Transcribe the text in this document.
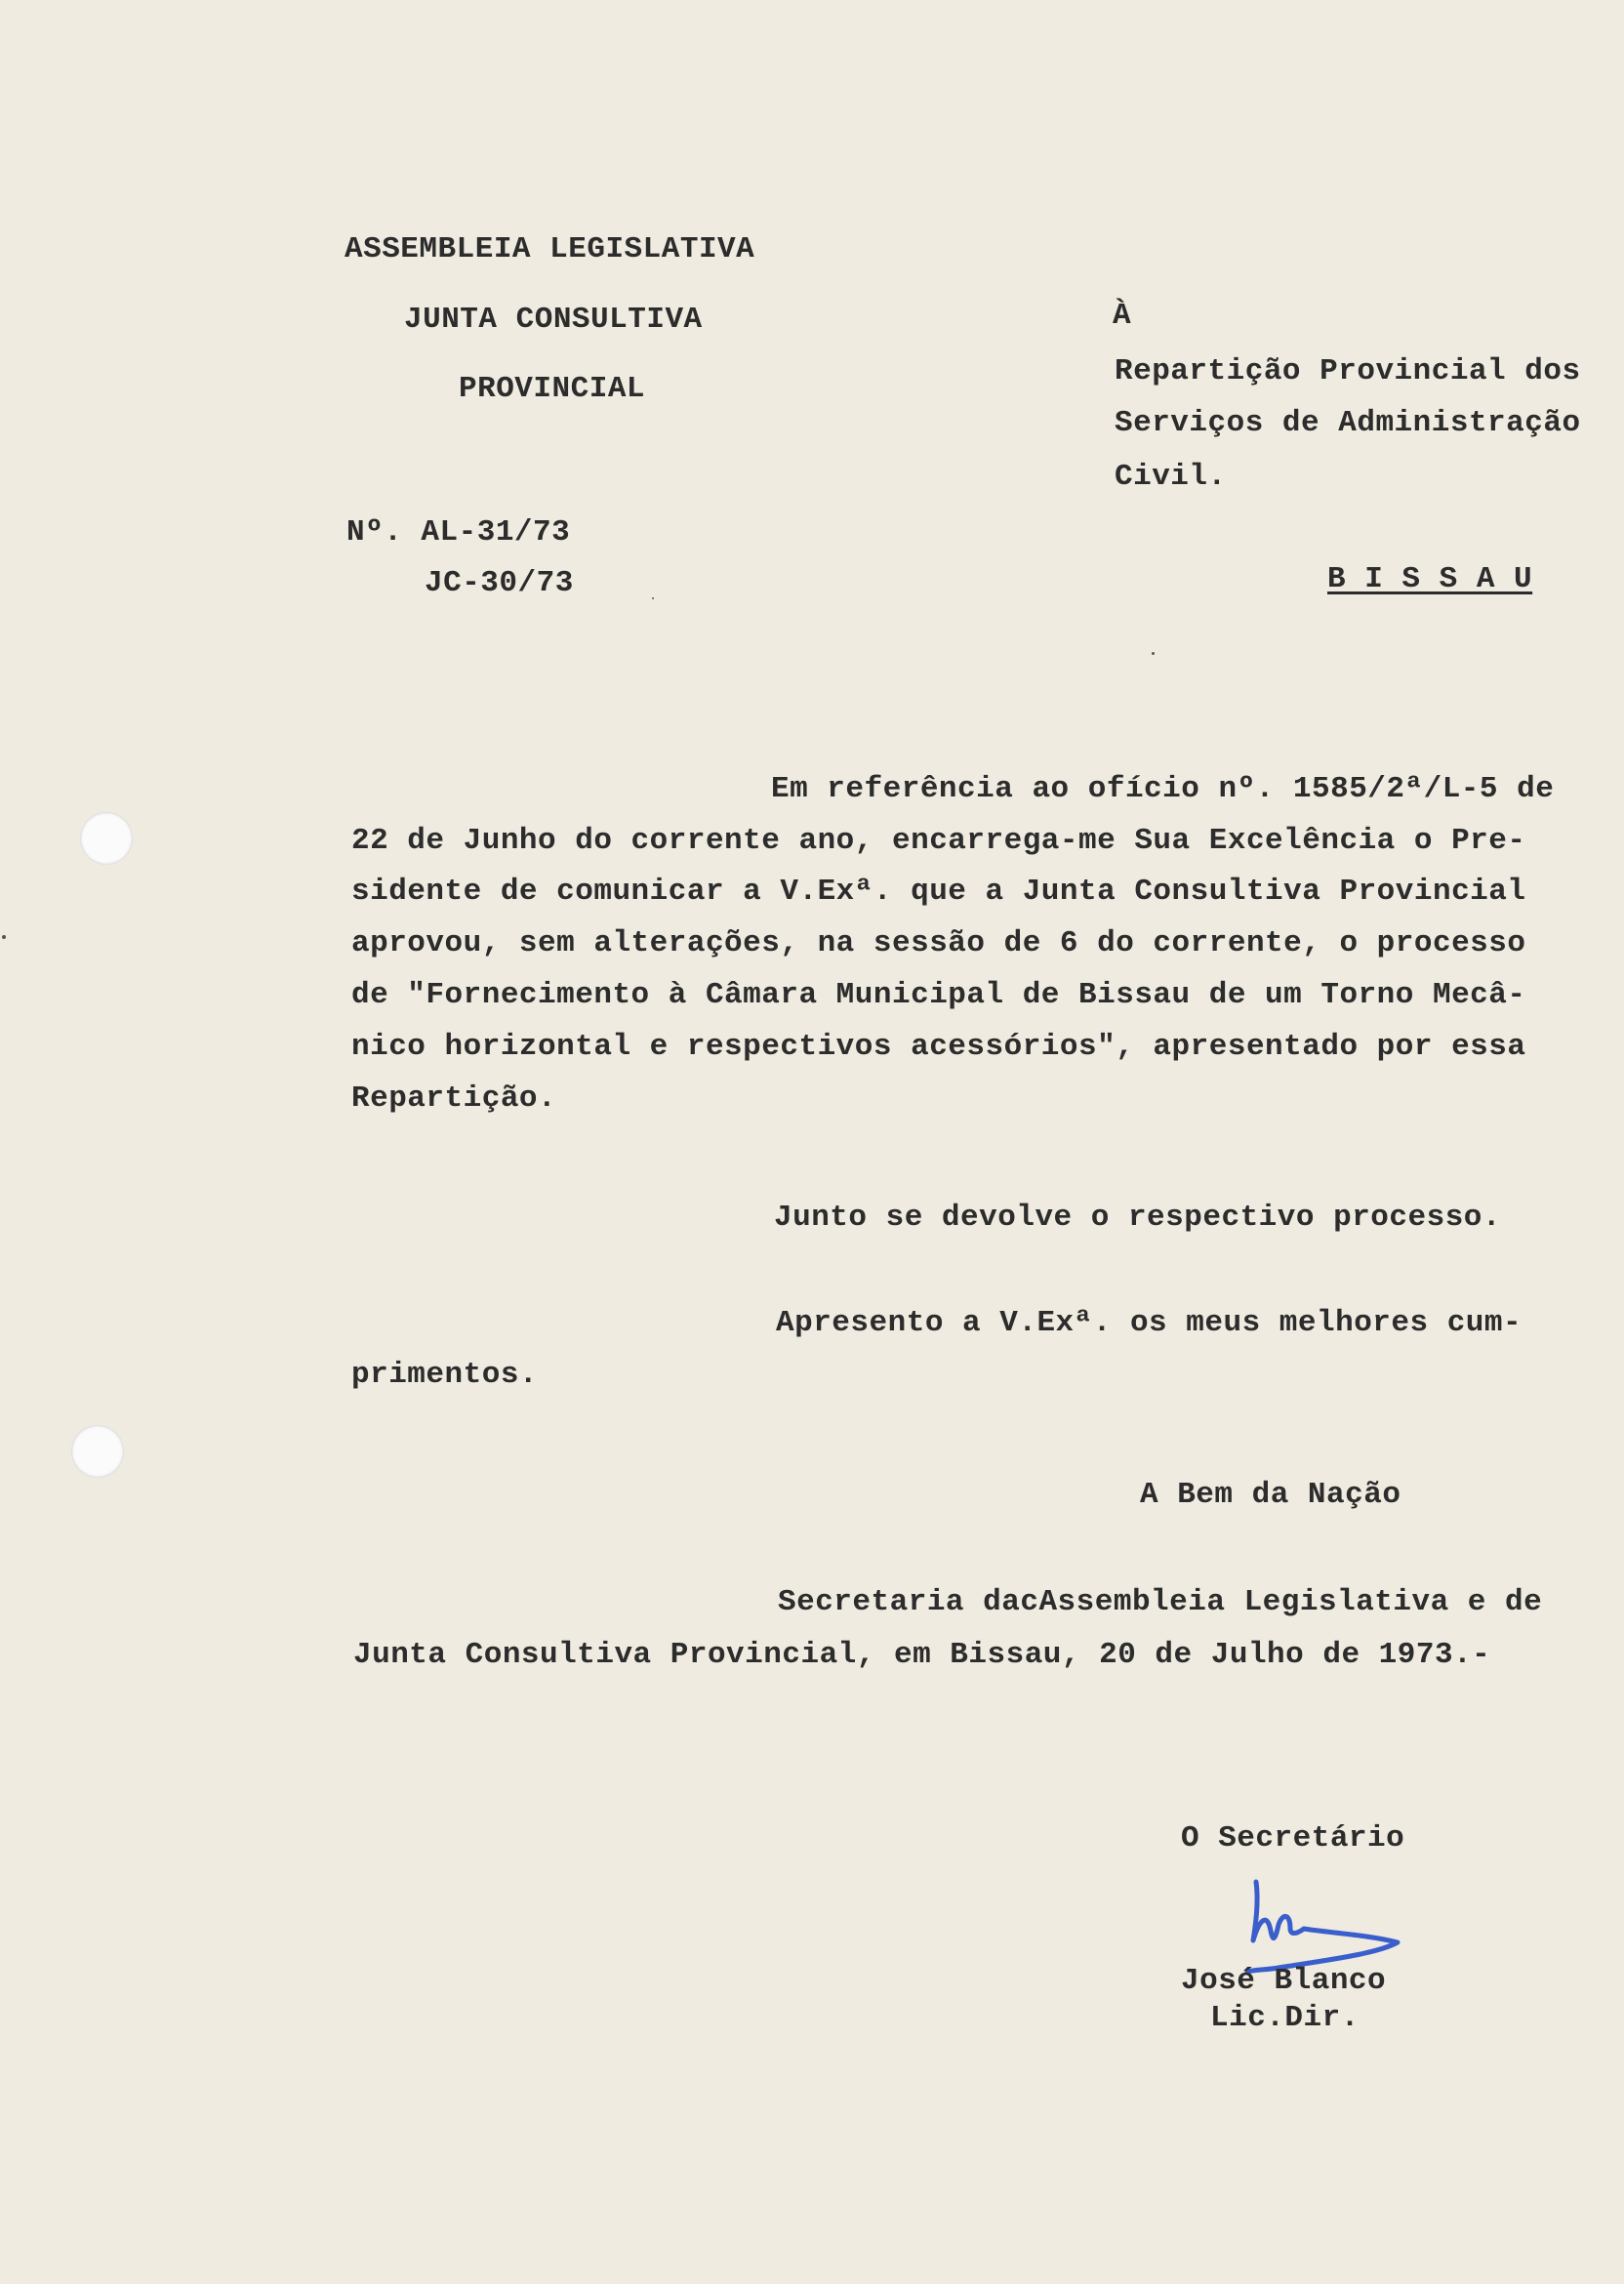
ASSEMBLEIA LEGISLATIVA
JUNTA CONSULTIVA
PROVINCIAL
Nº. AL-31/73
JC-30/73
À
Repartição Provincial dos
Serviços de Administração
Civil.
B I S S A U
Em referência ao ofício nº. 1585/2ª/L-5 de
22 de Junho do corrente ano, encarrega-me Sua Excelência o Pre-
sidente de comunicar a V.Exª. que a Junta Consultiva Provincial
aprovou, sem alterações, na sessão de 6 do corrente, o processo
de "Fornecimento à Câmara Municipal de Bissau de um Torno Mecâ-
nico horizontal e respectivos acessórios", apresentado por essa
Repartição.
Junto se devolve o respectivo processo.
Apresento a V.Exª. os meus melhores cum-
primentos.
A Bem da Nação
Secretaria dacAssembleia Legislativa e de
Junta Consultiva Provincial, em Bissau, 20 de Julho de 1973.-
O Secretário
José Blanco
Lic.Dir.
